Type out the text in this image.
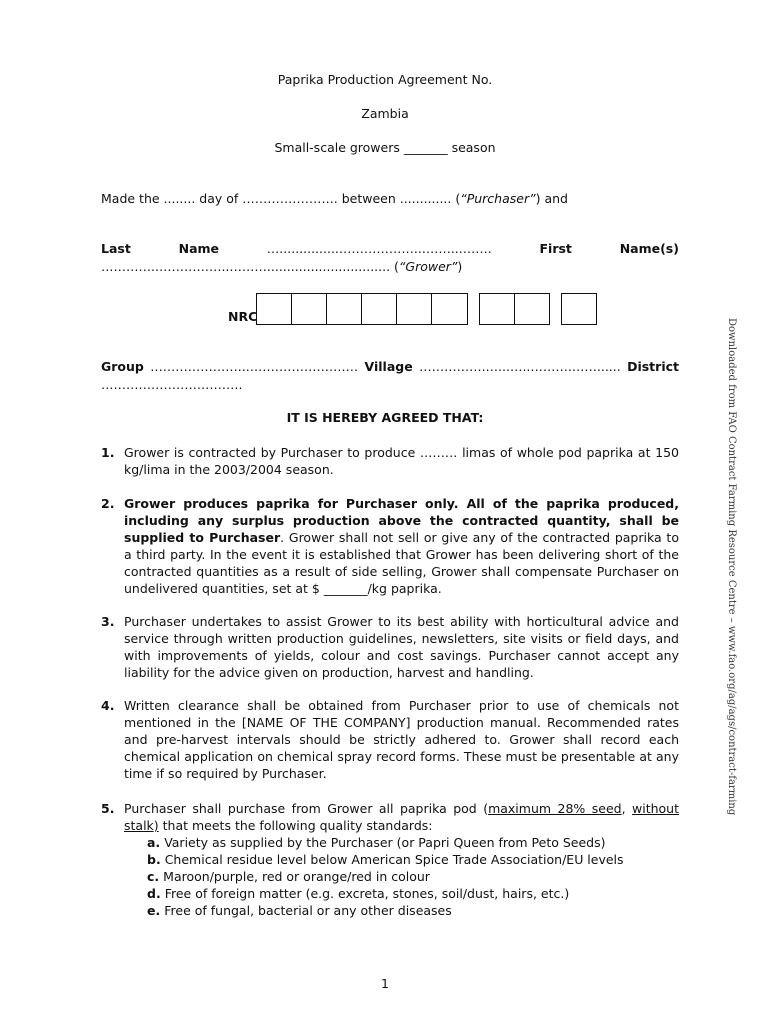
Paprika Production Agreement No.
Zambia
Small-scale growers _______ season
Made the ........ day of ………………….. between ............. (“Purchaser”) and
Last	Name	…...............………………...……...…….	First	Name(s)
…………..……………..………............................... (“Grower”)
NRC
Group …………………..……………………… Village …………….…...…..……….……...... District
…………………………….
IT IS HEREBY AGREED THAT:
1. Grower is contracted by Purchaser to produce ……… limas of whole pod paprika at 150 kg/lima in the 2003/2004 season.
2. Grower produces paprika for Purchaser only. All of the paprika produced, including any surplus production above the contracted quantity, shall be supplied to Purchaser. Grower shall not sell or give any of the contracted paprika to a third party. In the event it is established that Grower has been delivering short of the contracted quantities as a result of side selling, Grower shall compensate Purchaser on undelivered quantities, set at $ _______/kg paprika.
3. Purchaser undertakes to assist Grower to its best ability with horticultural advice and service through written production guidelines, newsletters, site visits or field days, and with improvements of yields, colour and cost savings. Purchaser cannot accept any liability for the advice given on production, harvest and handling.
4. Written clearance shall be obtained from Purchaser prior to use of chemicals not mentioned in the [NAME OF THE COMPANY] production manual. Recommended rates and pre-harvest intervals should be strictly adhered to. Grower shall record each chemical application on chemical spray record forms. These must be presentable at any time if so required by Purchaser.
5. Purchaser shall purchase from Grower all paprika pod (maximum 28% seed, without stalk) that meets the following quality standards:
a. Variety as supplied by the Purchaser (or Papri Queen from Peto Seeds)
b. Chemical residue level below American Spice Trade Association/EU levels
c. Maroon/purple, red or orange/red in colour
d. Free of foreign matter (e.g. excreta, stones, soil/dust, hairs, etc.)
e. Free of fungal, bacterial or any other diseases
1
Downloaded from FAO Contract Farming Resource Centre – www.fao.org/ag/ags/contract-farming
